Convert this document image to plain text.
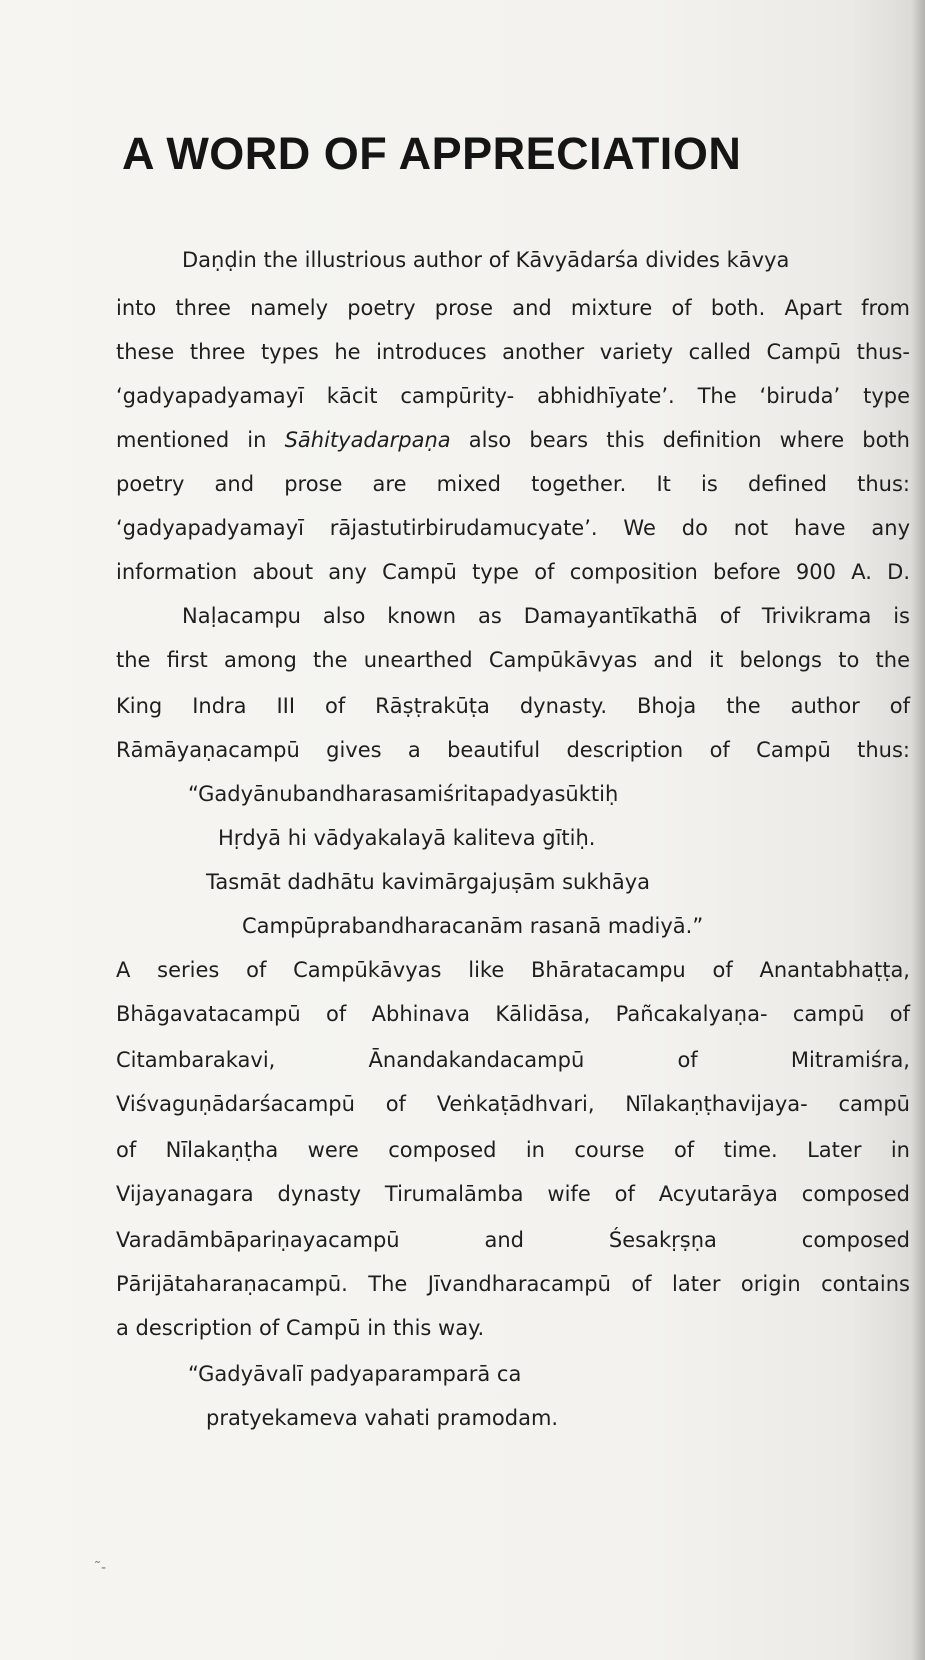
A WORD OF APPRECIATION
Daṇḍin the illustrious author of Kāvyādarśa divides kāvya
into three namely poetry prose and mixture of both. Apart from
these three types he introduces another variety called Campū thus-
‘gadyapadyamayī kācit campūrity- abhidhīyate’. The ‘biruda’ type
mentioned in Sāhityadarpaṇa also bears this definition where both
poetry and prose are mixed together. It is defined thus:
‘gadyapadyamayī rājastutirbirudamucyate’. We do not have any
information about any Campū type of composition before 900 A. D.
Naḷacampu also known as Damayantīkathā of Trivikrama is
the first among the unearthed Campūkāvyas and it belongs to the
King Indra III of Rāṣṭrakūṭa dynasty. Bhoja the author of
Rāmāyaṇacampū gives a beautiful description of Campū thus:
“Gadyānubandharasamiśritapadyasūktiḥ
Hṛdyā hi vādyakalayā kaliteva gītiḥ.
Tasmāt dadhātu kavimārgajuṣām sukhāya
Campūprabandharacanām rasanā madiyā.”
A series of Campūkāvyas like Bhāratacampu of Anantabhaṭṭa,
Bhāgavatacampū of Abhinava Kālidāsa, Pañcakalyaṇa- campū of
Citambarakavi, Ānandakandacampū of Mitramiśra,
Viśvaguṇādarśacampū of Veṅkaṭādhvari, Nīlakaṇṭhavijaya- campū
of Nīlakaṇṭha were composed in course of time. Later in
Vijayanagara dynasty Tirumalāmba wife of Acyutarāya composed
Varadāmbāpariṇayacampū and Śesakṛṣṇa composed
Pārijātaharaṇacampū. The Jīvandharacampū of later origin contains
a description of Campū in this way.
“Gadyāvalī padyaparamparā ca
pratyekameva vahati pramodam.
˜‑
